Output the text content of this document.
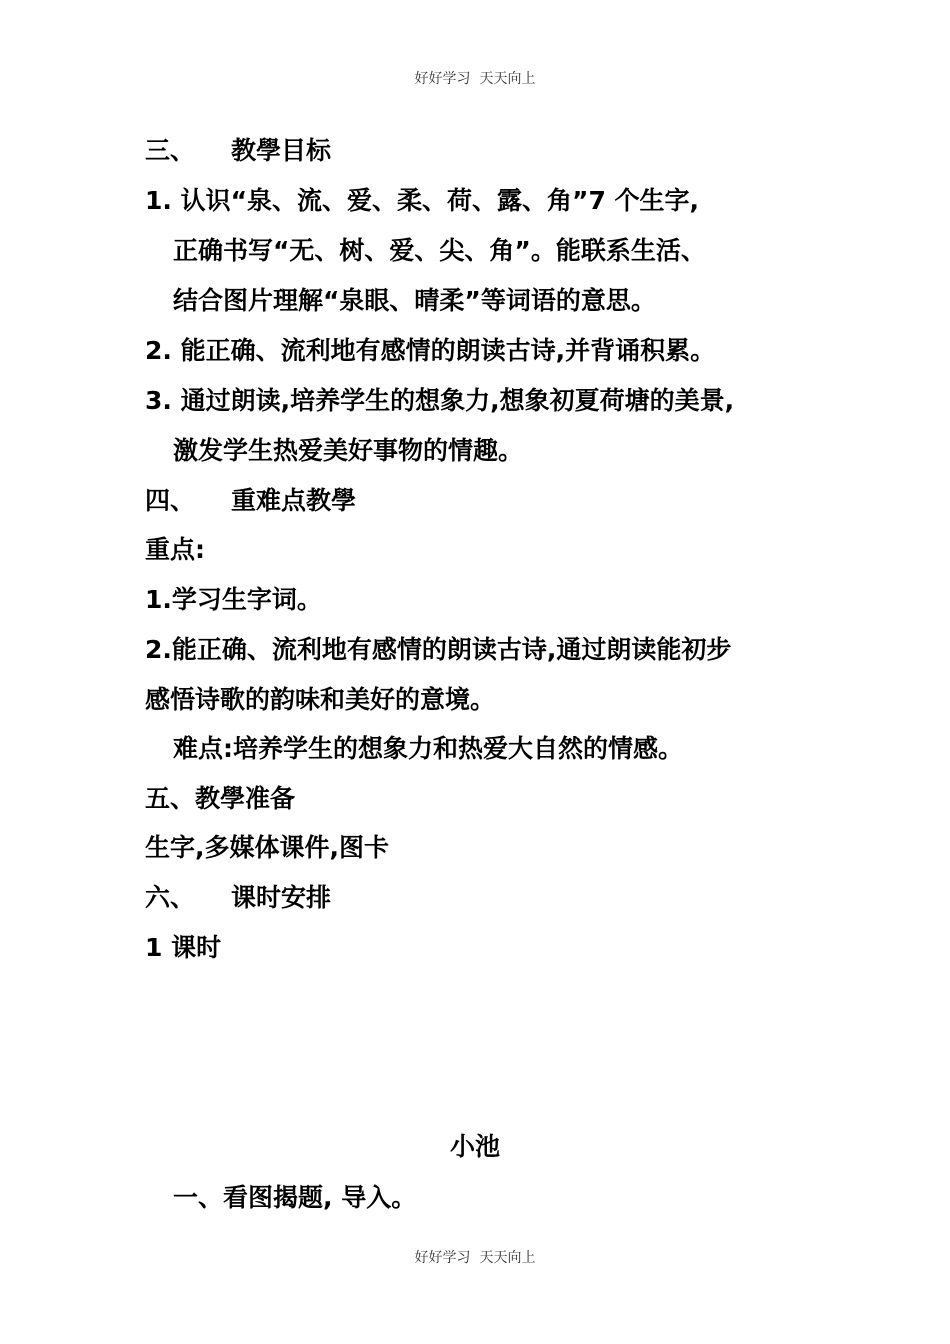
好好学习  天天向上
三、 教學目标
1. 认识“泉、流、爱、柔、荷、露、角”7 个生字,
正确书写“无、树、爱、尖、角”。能联系生活、
结合图片理解“泉眼、晴柔”等词语的意思。
2. 能正确、流利地有感情的朗读古诗,并背诵积累。
3. 通过朗读,培养学生的想象力,想象初夏荷塘的美景,
激发学生热爱美好事物的情趣。
四、 重难点教學
重点:
1.学习生字词。
2.能正确、流利地有感情的朗读古诗,通过朗读能初步
感悟诗歌的韵味和美好的意境。
难点:培养学生的想象力和热爱大自然的情感。
五、教學准备
生字,多媒体课件,图卡
六、 课时安排
1 课时
小池
一、看图揭题, 导入。
好好学习  天天向上
